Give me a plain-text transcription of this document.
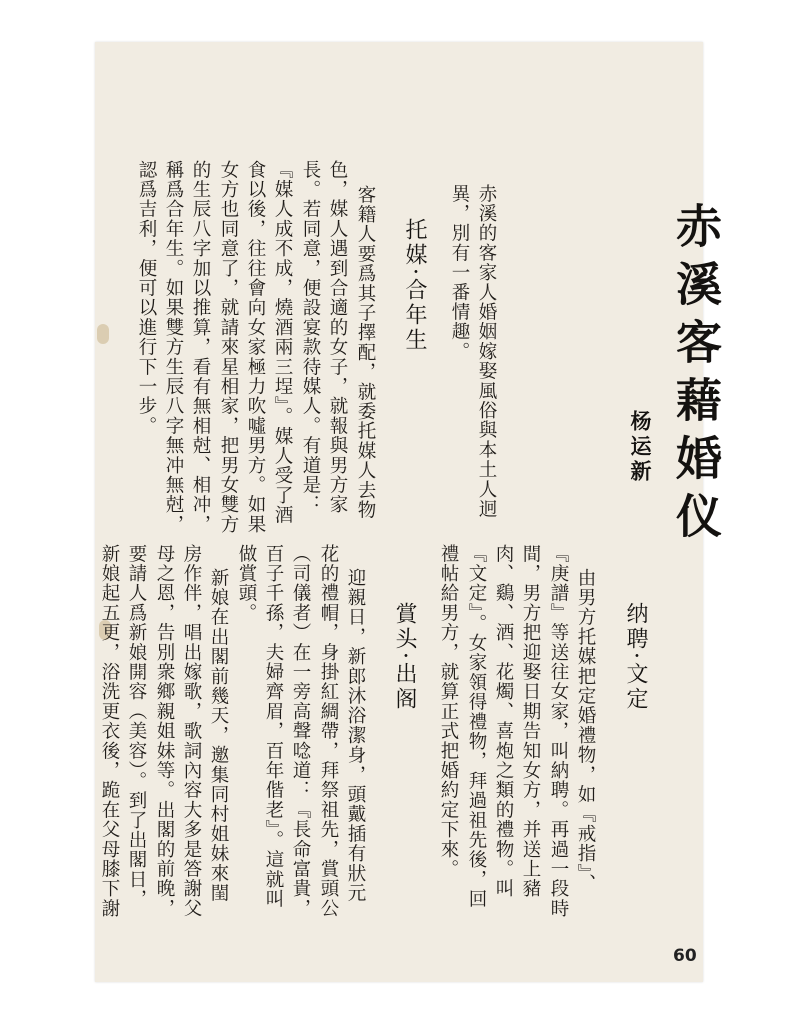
赤溪客藉婚仪
杨运新
赤溪的客家人婚姻嫁娶風俗與本土人迥
異，別有一番情趣。
托媒·合年生
客籍人要爲其子擇配，就委托媒人去物
色，媒人遇到合適的女子，就報與男方家
長。若同意，便設宴款待媒人。有道是：
『媒人成不成，燒酒兩三埕』。媒人受了酒
食以後，往往會向女家極力吹噓男方。如果
女方也同意了，就請來星相家，把男女雙方
的生辰八字加以推算，看有無相尅、相冲，
稱爲合年生。如果雙方生辰八字無冲無尅，
認爲吉利，便可以進行下一步。
纳聘·文定
由男方托媒把定婚禮物，如『戒指』、
『庚譜』等送往女家，叫納聘。再過一段時
間，男方把迎娶日期告知女方，并送上豬
肉、鷄、酒、花燭、喜炮之類的禮物。叫
『文定』。女家領得禮物，拜過祖先後，回
禮帖給男方，就算正式把婚約定下來。
賞头·出阁
迎親日，新郎沐浴潔身，頭戴插有狀元
花的禮帽，身掛紅綢帶，拜祭祖先，賞頭公
（司儀者）在一旁高聲唸道：『長命富貴，
百子千孫，夫婦齊眉，百年偕老』。這就叫
做賞頭。
新娘在出閣前幾天，邀集同村姐妹來閨
房作伴，唱出嫁歌，歌詞內容大多是答謝父
母之恩，告別衆鄉親姐妹等。出閣的前晚，
要請人爲新娘開容（美容）。到了出閣日，
新娘起五更，浴洗更衣後，跪在父母膝下謝
60
